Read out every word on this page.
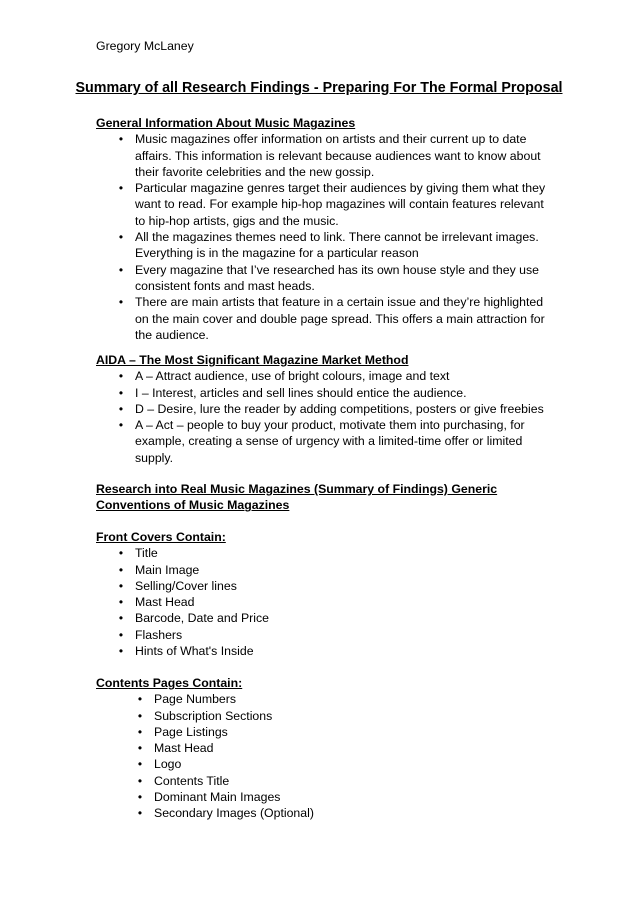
Gregory McLaney
Summary of all Research Findings - Preparing For The Formal Proposal

General Information About Music Magazines

• Music magazines offer information on artists and their current up to date affairs. This information is relevant because audiences want to know about their favorite celebrities and the new gossip.
• Particular magazine genres target their audiences by giving them what they want to read. For example hip-hop magazines will contain features relevant to hip-hop artists, gigs and the music.
• All the magazines themes need to link. There cannot be irrelevant images. Everything is in the magazine for a particular reason
• Every magazine that I’ve researched has its own house style and they use consistent fonts and mast heads.
• There are main artists that feature in a certain issue and they’re highlighted on the main cover and double page spread. This offers a main attraction for the audience.

AIDA – The Most Significant Magazine Market Method

• A – Attract audience, use of bright colours, image and text
• I – Interest, articles and sell lines should entice the audience.
• D – Desire, lure the reader by adding competitions, posters or give freebies
• A – Act – people to buy your product, motivate them into purchasing, for example, creating a sense of urgency with a limited-time offer or limited supply.

Research into Real Music Magazines (Summary of Findings) Generic Conventions of Music Magazines

Front Covers Contain:

• Title
• Main Image
• Selling/Cover lines
• Mast Head
• Barcode, Date and Price
• Flashers
• Hints of What's Inside

Contents Pages Contain:

• Page Numbers
• Subscription Sections
• Page Listings
• Mast Head
• Logo
• Contents Title
• Dominant Main Images
• Secondary Images (Optional)
